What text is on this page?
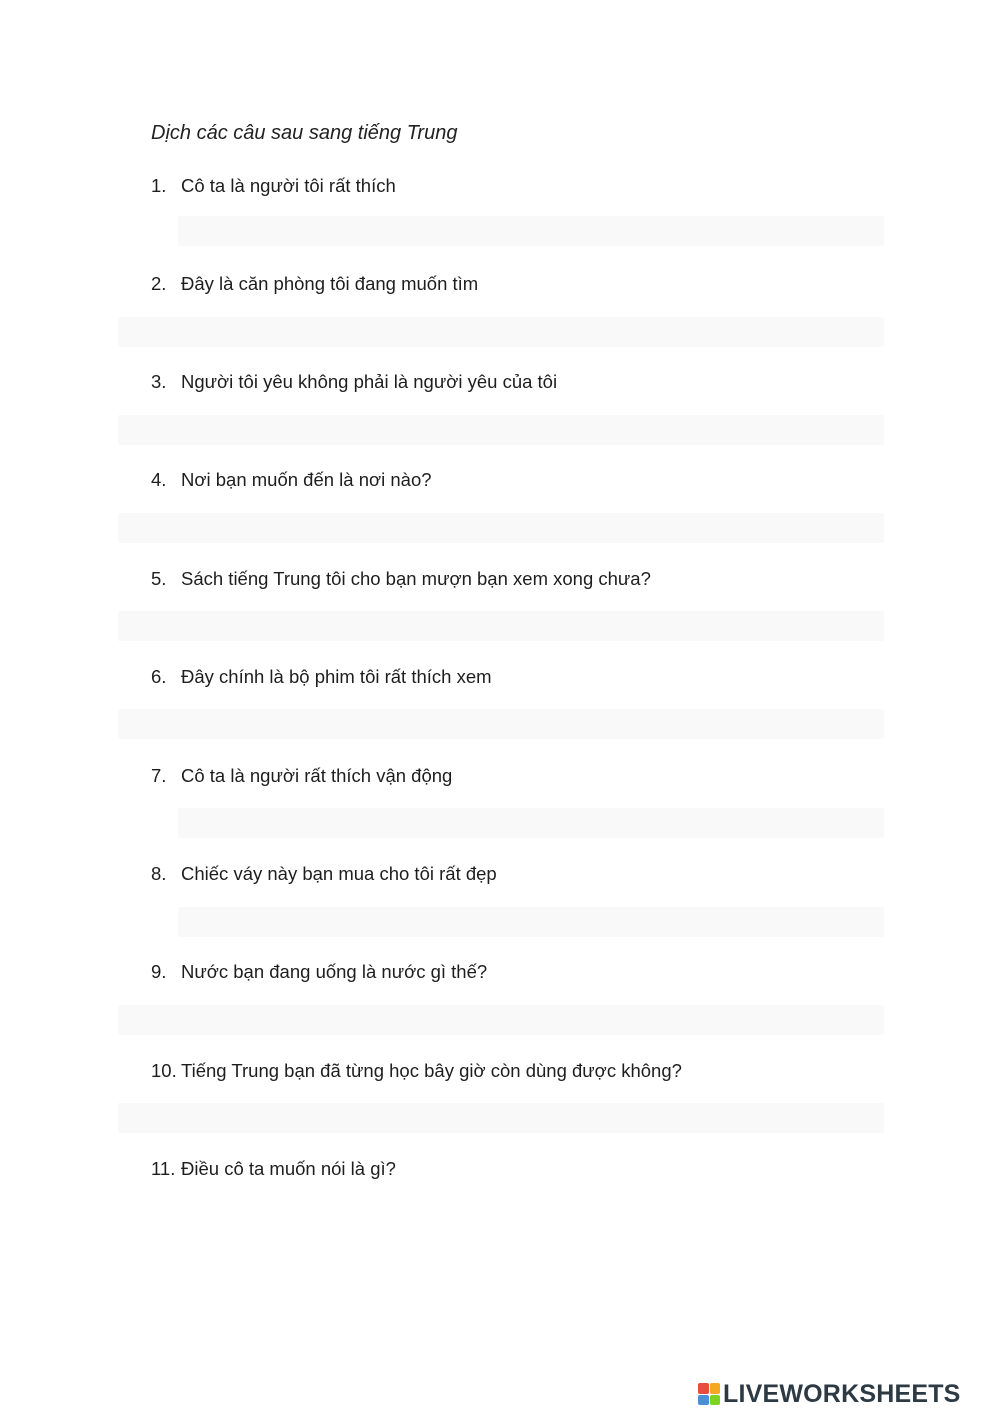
Dịch các câu sau sang tiếng Trung
1. Cô ta là người tôi rất thích
2. Đây là căn phòng tôi đang muốn tìm
3. Người tôi yêu không phải là người yêu của tôi
4. Nơi bạn muốn đến là nơi nào?
5. Sách tiếng Trung tôi cho bạn mượn bạn xem xong chưa?
6. Đây chính là bộ phim tôi rất thích xem
7. Cô ta là người rất thích vận động
8. Chiếc váy này bạn mua cho tôi rất đẹp
9. Nước bạn đang uống là nước gì thế?
10. Tiếng Trung bạn đã từng học bây giờ còn dùng được không?
11. Điều cô ta muốn nói là gì?
LIVEWORKSHEETS
